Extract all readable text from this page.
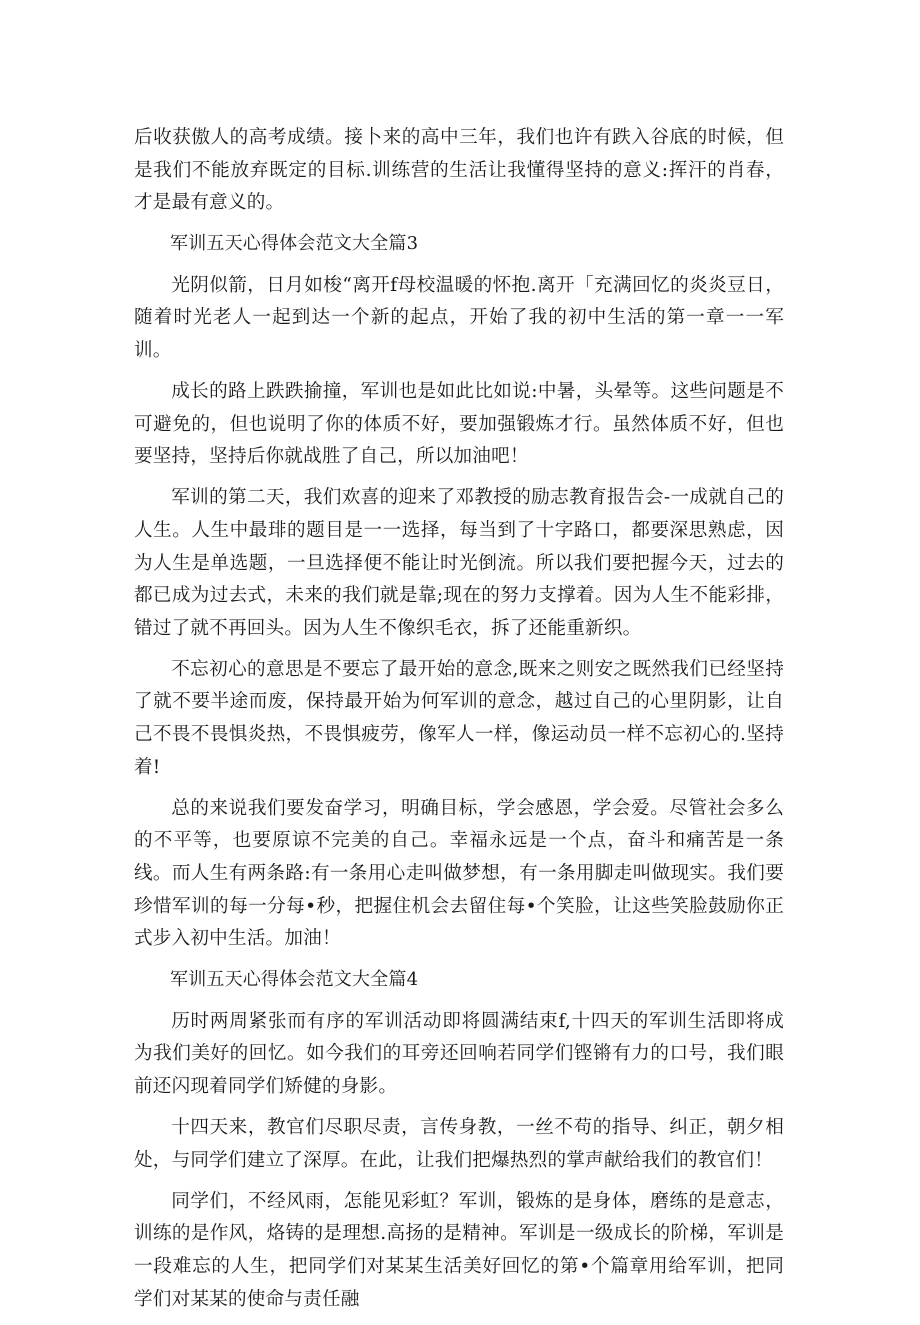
后收获傲人的高考成绩。接卜来的高中三年，我们也许有跌入谷底的时候，但是我们不能放弃既定的目标.训练营的生活让我懂得坚持的意义:挥汗的肖春，才是最有意义的。

军训五天心得体会范文大全篇3

光阴似箭，日月如梭“离开f母校温暖的怀抱.离开「充满回忆的炎炎豆日，随着时光老人一起到达一个新的起点，开始了我的初中生活的第一章一一军训。

成长的路上跌跌揄撞，军训也是如此比如说:中暑，头晕等。这些问题是不可避免的，但也说明了你的体质不好，要加强锻炼才行。虽然体质不好，但也要坚持，坚持后你就战胜了自己，所以加油吧！

军训的第二天，我们欢喜的迎来了邓教授的励志教育报告会-一成就自己的人生。人生中最琲的题目是一一选择，每当到了十字路口，都要深思熟虑，因为人生是单选题，一旦选择便不能让时光倒流。所以我们要把握今天，过去的都已成为过去式，未来的我们就是靠;现在的努力支撑着。因为人生不能彩排，错过了就不再回头。因为人生不像织毛衣，拆了还能重新织。

不忘初心的意思是不要忘了最开始的意念,既来之则安之既然我们已经坚持了就不要半途而废，保持最开始为何军训的意念，越过自己的心里阴影，让自己不畏不畏惧炎热，不畏惧疲劳，像军人一样，像运动员一样不忘初心的.坚持着!

总的来说我们要发奋学习，明确目标，学会感恩，学会爱。尽管社会多么的不平等，也要原谅不完美的自己。幸福永远是一个点，奋斗和痛苦是一条线。而人生有两条路:有一条用心走叫做梦想，有一条用脚走叫做现实。我们要珍惜军训的每一分每•秒，把握住机会去留住每•个笑脸，让这些笑脸鼓励你正式步入初中生活。加油！

军训五天心得体会范文大全篇4

历时两周紧张而有序的军训活动即将圆满结束f,十四天的军训生活即将成为我们美好的回忆。如今我们的耳旁还回响若同学们铿锵有力的口号，我们眼前还闪现着同学们矫健的身影。

十四天来，教官们尽职尽责，言传身教，一丝不苟的指导、纠正，朝夕相处，与同学们建立了深厚。在此，让我们把爆热烈的掌声献给我们的教官们！

同学们，不经风雨，怎能见彩虹？军训，锻炼的是身体，磨练的是意志，训练的是作风，烙铸的是理想.高扬的是精神。军训是一级成长的阶梯，军训是一段难忘的人生，把同学们对某某生活美好回忆的第•个篇章用给军训，把同学们对某某的使命与责任融
